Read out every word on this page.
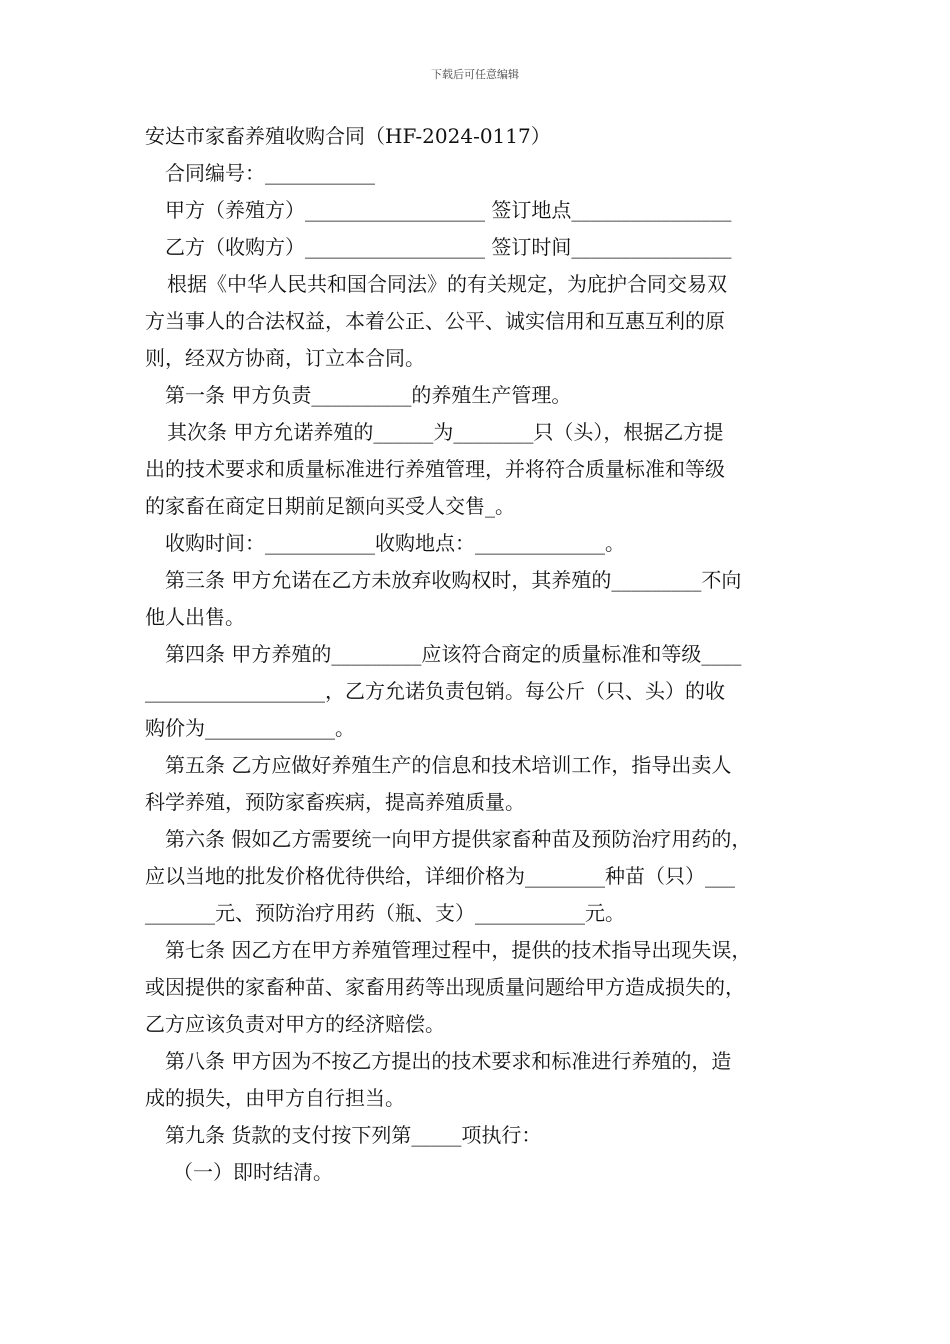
下载后可任意编辑
安达市家畜养殖收购合同（HF-2024-0117）
合同编号：___________
甲方（养殖方）__________________ 签订地点________________
乙方（收购方）__________________ 签订时间________________
根据《中华人民共和国合同法》的有关规定，为庇护合同交易双
方当事人的合法权益，本着公正、公平、诚实信用和互惠互利的原
则，经双方协商，订立本合同。
第一条 甲方负责__________的养殖生产管理。
其次条 甲方允诺养殖的______为________只（头），根据乙方提
出的技术要求和质量标准进行养殖管理，并将符合质量标准和等级
的家畜在商定日期前足额向买受人交售_。
收购时间：___________收购地点：_____________。
第三条 甲方允诺在乙方未放弃收购权时，其养殖的_________不向
他人出售。
第四条 甲方养殖的_________应该符合商定的质量标准和等级____
__________________，乙方允诺负责包销。每公斤（只、头）的收
购价为_____________。
第五条 乙方应做好养殖生产的信息和技术培训工作，指导出卖人
科学养殖，预防家畜疾病，提高养殖质量。
第六条 假如乙方需要统一向甲方提供家畜种苗及预防治疗用药的，
应以当地的批发价格优待供给，详细价格为________种苗（只）___
_______元、预防治疗用药（瓶、支）___________元。
第七条 因乙方在甲方养殖管理过程中，提供的技术指导出现失误，
或因提供的家畜种苗、家畜用药等出现质量问题给甲方造成损失的，
乙方应该负责对甲方的经济赔偿。
第八条 甲方因为不按乙方提出的技术要求和标准进行养殖的，造
成的损失，由甲方自行担当。
第九条 货款的支付按下列第_____项执行：
（一）即时结清。
